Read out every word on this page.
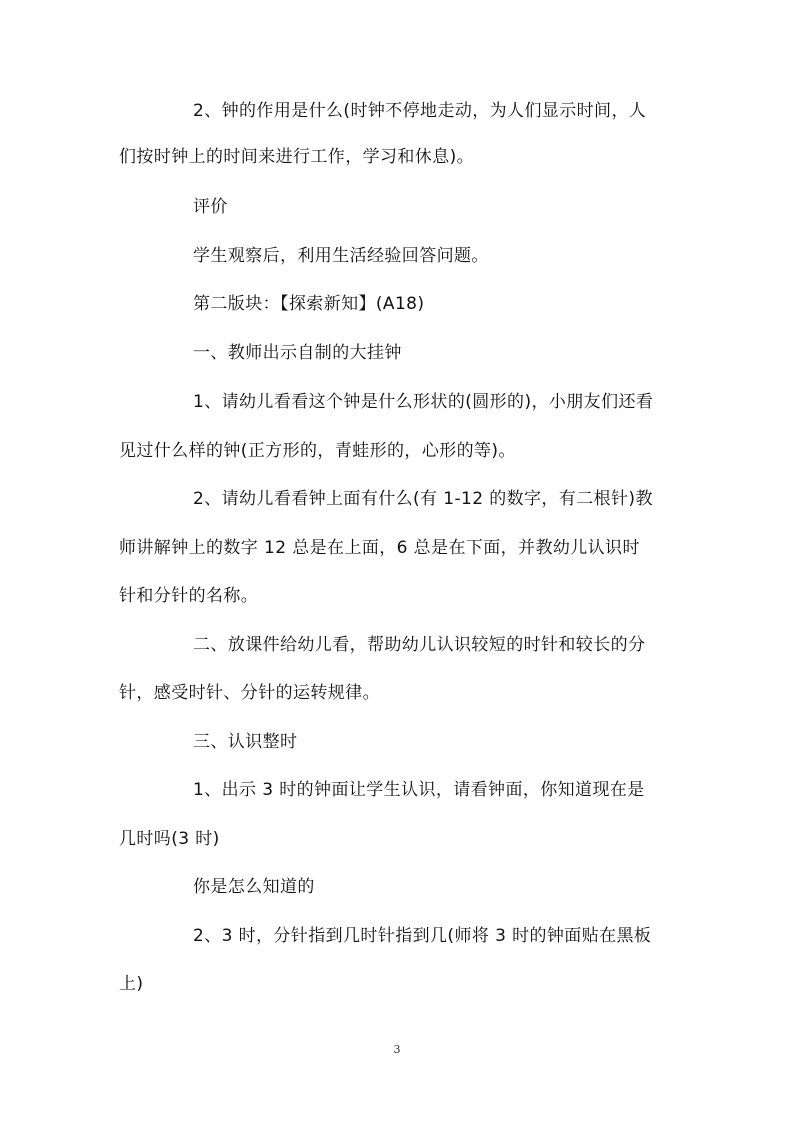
2、钟的作用是什么(时钟不停地走动，为人们显示时间，人
们按时钟上的时间来进行工作，学习和休息)。
评价
学生观察后，利用生活经验回答问题。
第二版块：【探索新知】(A18)
一、教师出示自制的大挂钟
1、请幼儿看看这个钟是什么形状的(圆形的)，小朋友们还看
见过什么样的钟(正方形的，青蛙形的，心形的等)。
2、请幼儿看看钟上面有什么(有 1-12 的数字，有二根针)教
师讲解钟上的数字 12 总是在上面，6 总是在下面，并教幼儿认识时
针和分针的名称。
二、放课件给幼儿看，帮助幼儿认识较短的时针和较长的分
针，感受时针、分针的运转规律。
三、认识整时
1、出示 3 时的钟面让学生认识，请看钟面，你知道现在是
几时吗(3 时)
你是怎么知道的
2、3 时，分针指到几时针指到几(师将 3 时的钟面贴在黑板
上)
3
